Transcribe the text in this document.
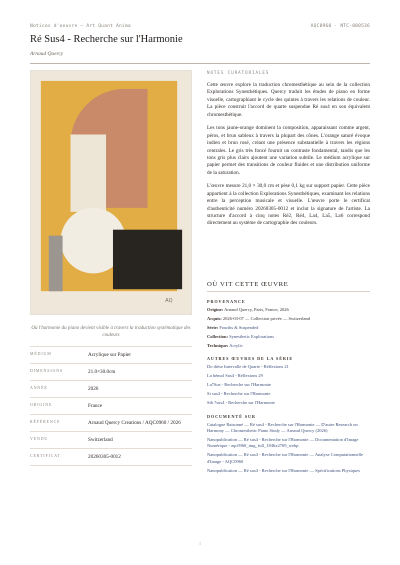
Notices d'oeuvre — Art Quant Anima	AQC0960 · NTC-000536
Ré Sus4 - Recherche sur l'Harmonie
Arnaud Quercy
AQ
Où l'harmonie du piano devient visible à travers la traduction systématique des couleurs
MÉDIUM	Acrylique sur Papier
DIMENSIONS	21.0×30.0cm
ANNÉE	2026
ORIGINE	France
RÉFÉRENCE	Arnaud Quercy Creations / AQC0960 / 2026
VENDU	Switzerland
CERTIFICAT	20260305-0012
NOTES CURATORIALES

Cette œuvre explore la traduction chromesthétique au sein de la collection Explorations Synesthétiques. Quercy traduit les études de piano en forme visuelle, cartographiant le cycle des quintes à travers les relations de couleur. La pièce construit l'accord de quarte suspendue Ré sus4 en son équivalent chromesthétique.

Les tons jaune-orange dominent la composition, apparaissant comme argent, péros, et brun sableux à travers la plupart des cônes. L'orange saturé évoque indien et brun rosé, créant une présence substantielle à travers les régions centrales. Le gris très foncé fournit un contraste fondamental, tandis que les tons gris plus clairs ajoutent une variation subtile. Le médium acrylique sur papier permet des transitions de couleur fluides et une distribution uniforme de la saturation.

L'œuvre mesure 21,0 × 30,0 cm et pèse 0,1 kg sur support papier. Cette pièce appartient à la collection Explorations Synesthétiques, examinant les relations entre la perception musicale et visuelle. L'œuvre porte le certificat d'authenticité numéro 20260305-0012 et inclut la signature de l'artiste. La structure d'accord à cinq notes Ré2, Ré4, La4, La5, La6 correspond directement au système de cartographie des couleurs.

OÙ VIT CETTE ŒUVRE
PROVENANCE
Origine: Arnaud Quercy, Paris, France, 2026
Acquis: 2026-03-07 — Collection privée — Switzerland
Série: Fourths & Suspended
Collection: Synesthetic Explorations
Technique: Acrylic
AUTRES ŒUVRES DE LA SÉRIE
Do dièse Intervalle de Quarte - Réflexions 21
La bémol Sus4 - Réflexions 29
La7Sus - Recherche sur l'Harmonie
Si sus4 - Recherche sur l'Harmonie
Sib 7sus4 - Recherche sur l'Harmonie
DOCUMENTÉ SUR
Catalogue Raisonné — Ré sus4 - Recherche sur l'Harmonie — D'autre Research on Harmony — Chromesthetic Piano Study — Arnaud Quercy (2026)
Nanopublication — Ré sus4 - Recherche sur l'Harmonie — Documentation d'Image Numérique - aqc0960_img_full_1846x2769_webp
Nanopublication — Ré sus4 - Recherche sur l'Harmonie — Analyse Computationnelle d'Image - AQC0960
Nanopublication — Ré sus4 - Recherche sur l'Harmonie — Spécifications Physiques
1
